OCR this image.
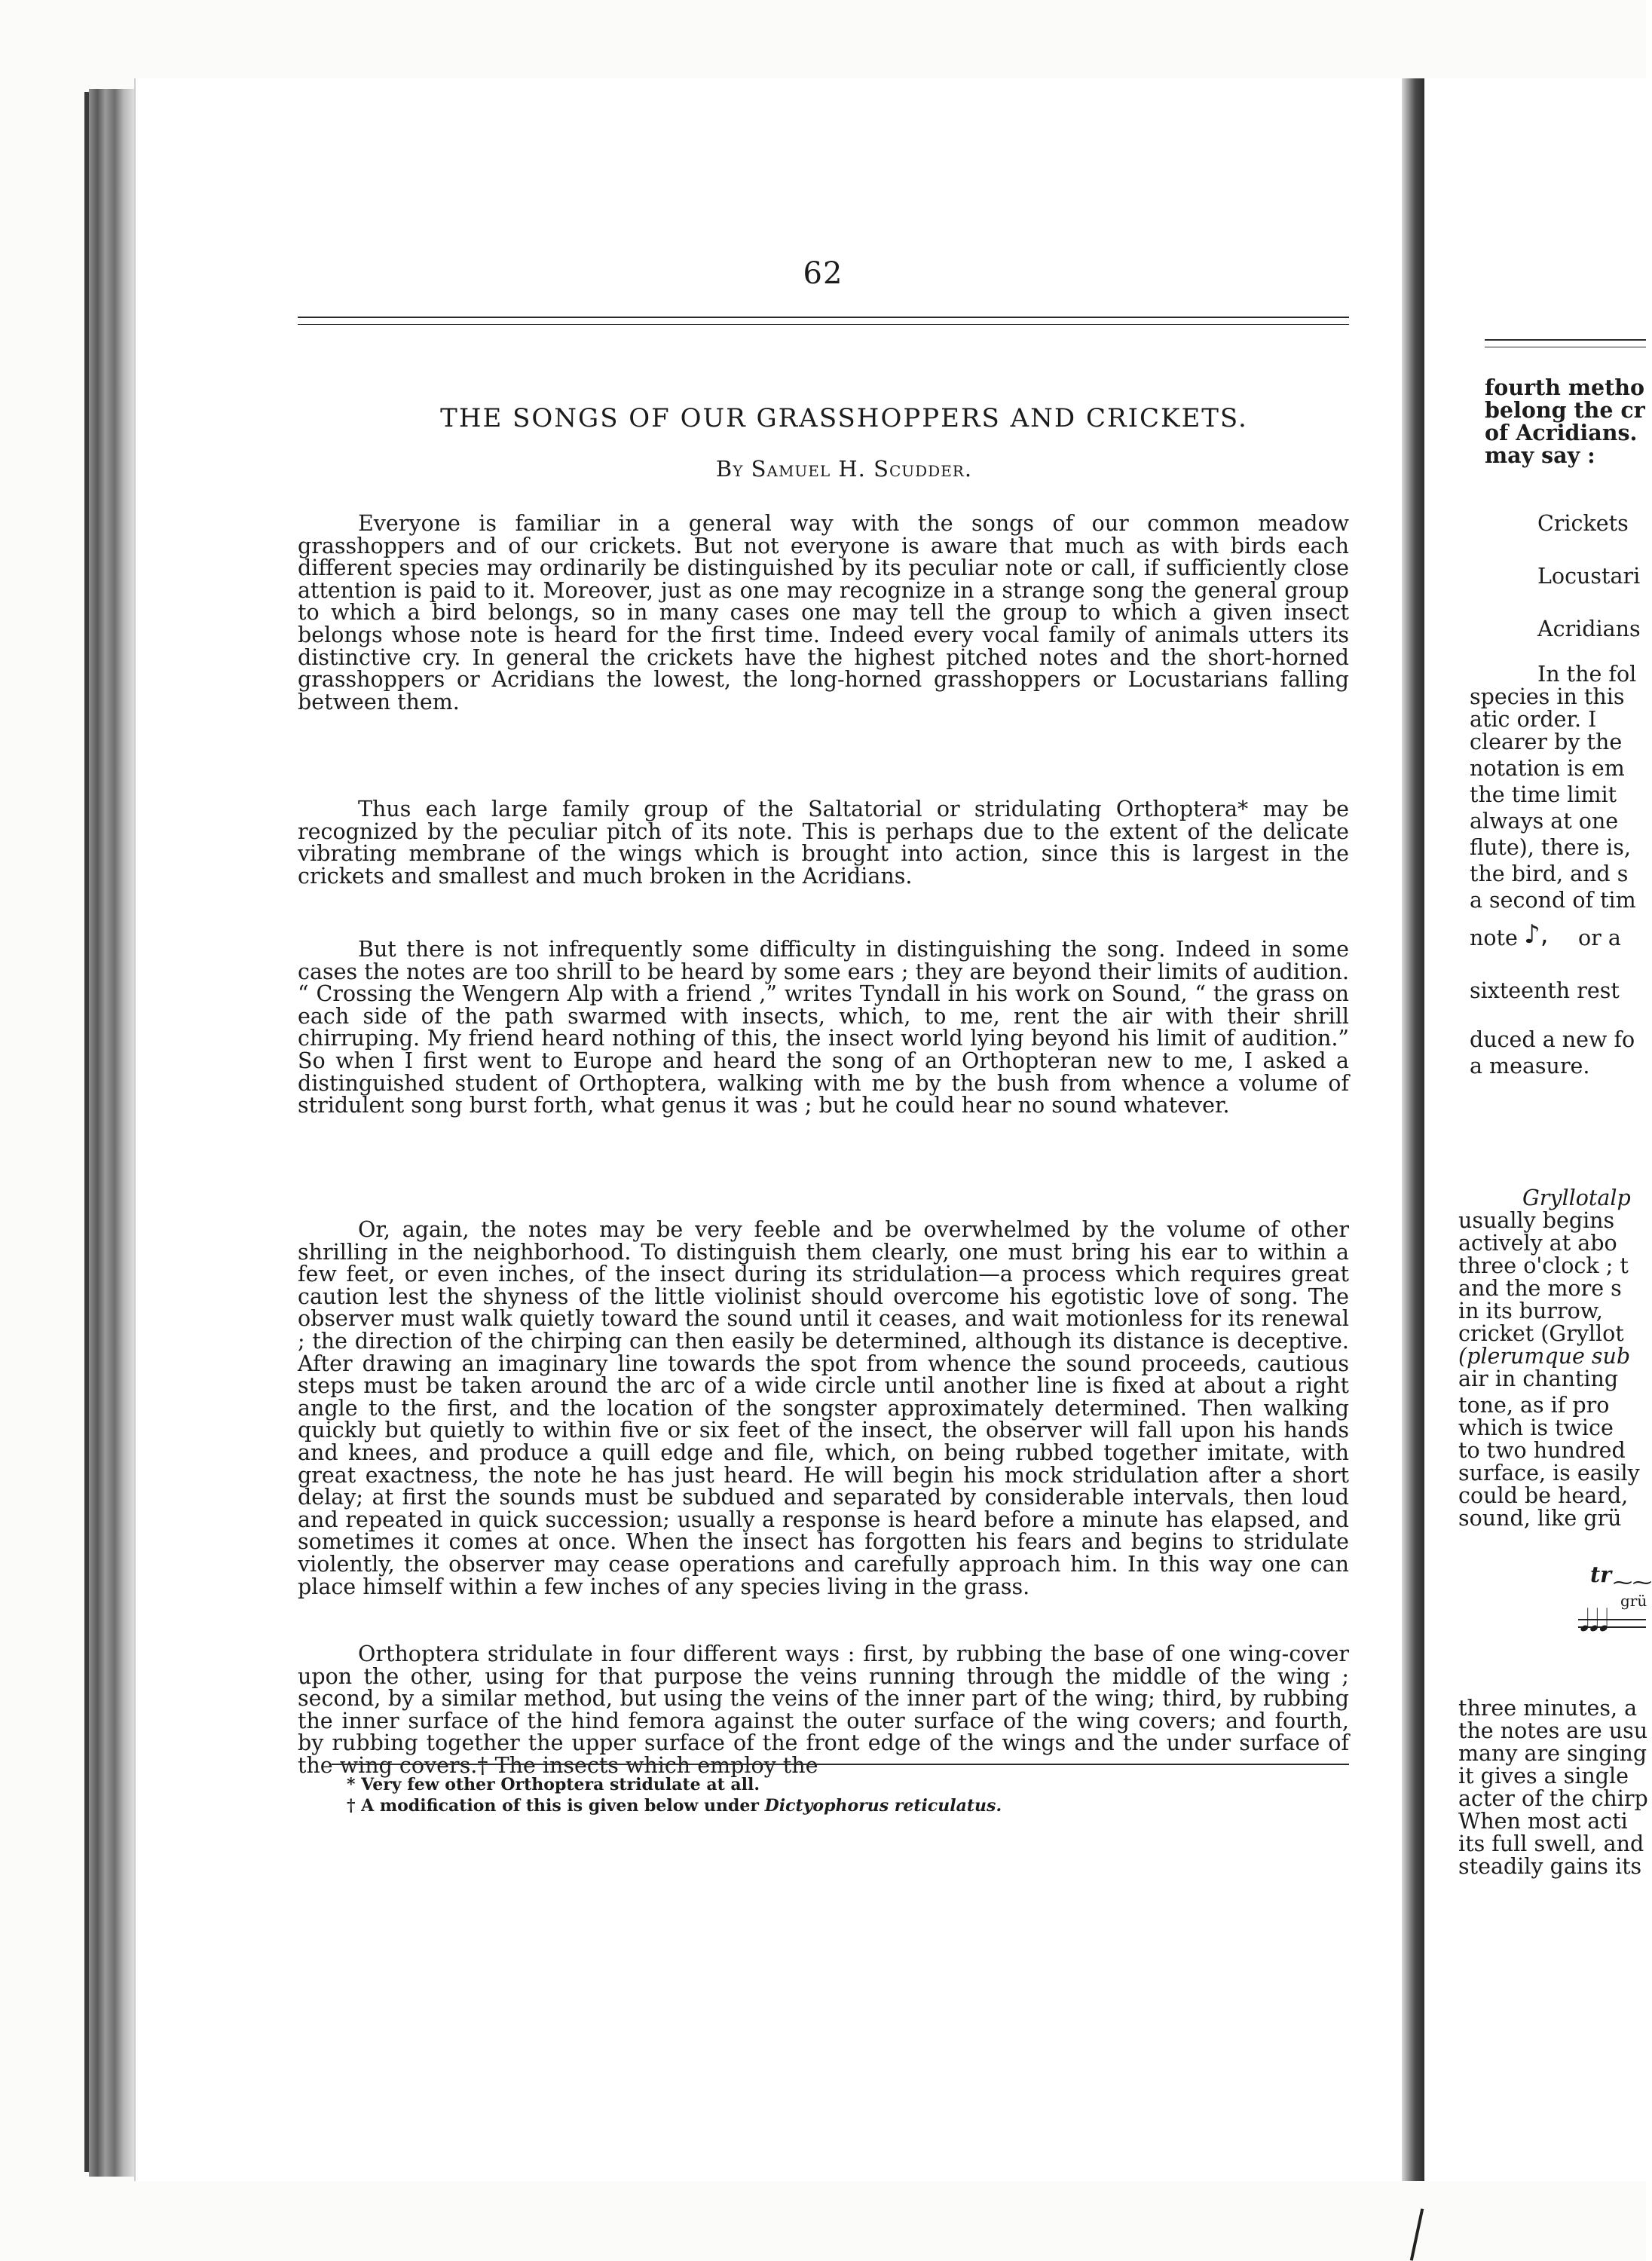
62
THE SONGS OF OUR GRASSHOPPERS AND CRICKETS.
By Samuel H. Scudder.

Everyone is familiar in a general way with the songs of our common meadow grasshoppers and of our crickets. But not everyone is aware that much as with birds each different species may ordinarily be distinguished by its peculiar note or call, if sufficiently close attention is paid to it. Moreover, just as one may recognize in a strange song the general group to which a bird belongs, so in many cases one may tell the group to which a given insect belongs whose note is heard for the first time. Indeed every vocal family of animals utters its distinctive cry. In general the crickets have the highest pitched notes and the short-horned grasshoppers or Acridians the lowest, the long-horned grasshoppers or Locustarians falling between them.

Thus each large family group of the Saltatorial or stridulating Orthoptera* may be recognized by the peculiar pitch of its note. This is perhaps due to the extent of the delicate vibrating membrane of the wings which is brought into action, since this is largest in the crickets and smallest and much broken in the Acridians.

But there is not infrequently some difficulty in distinguishing the song. Indeed in some cases the notes are too shrill to be heard by some ears ; they are beyond their limits of audition. “ Crossing the Wengern Alp with a friend ,” writes Tyndall in his work on Sound, “ the grass on each side of the path swarmed with insects, which, to me, rent the air with their shrill chirruping. My friend heard nothing of this, the insect world lying beyond his limit of audition.” So when I first went to Europe and heard the song of an Orthopteran new to me, I asked a distinguished student of Orthoptera, walking with me by the bush from whence a volume of stridulent song burst forth, what genus it was ; but he could hear no sound whatever.

Or, again, the notes may be very feeble and be overwhelmed by the volume of other shrilling in the neighborhood. To distinguish them clearly, one must bring his ear to within a few feet, or even inches, of the insect during its stridulation—a process which requires great caution lest the shyness of the little violinist should overcome his egotistic love of song. The observer must walk quietly toward the sound until it ceases, and wait motionless for its renewal ; the direction of the chirping can then easily be determined, although its distance is deceptive. After drawing an imaginary line towards the spot from whence the sound proceeds, cautious steps must be taken around the arc of a wide circle until another line is fixed at about a right angle to the first, and the location of the songster approximately determined. Then walking quickly but quietly to within five or six feet of the insect, the observer will fall upon his hands and knees, and produce a quill edge and file, which, on being rubbed together imitate, with great exactness, the note he has just heard. He will begin his mock stridulation after a short delay; at first the sounds must be subdued and separated by considerable intervals, then loud and repeated in quick succession; usually a response is heard before a minute has elapsed, and sometimes it comes at once. When the insect has forgotten his fears and begins to stridulate violently, the observer may cease operations and carefully approach him. In this way one can place himself within a few inches of any species living in the grass.

Orthoptera stridulate in four different ways : first, by rubbing the base of one wing-cover upon the other, using for that purpose the veins running through the middle of the wing ; second, by a similar method, but using the veins of the inner part of the wing; third, by rubbing the inner surface of the hind femora against the outer surface of the wing covers; and fourth, by rubbing together the upper surface of the front edge of the wings and the under surface of the wing covers.† The insects which employ the

* Very few other Orthoptera stridulate at all.
† A modification of this is given below under Dictyophorus reticulatus.
fourth metho
belong the cr
of Acridians.
may say :
Crickets
Locustari
Acridians
In the fol
species in this
atic order. I
clearer by the
notation is em
the time limit
always at one
flute), there is,
the bird, and s
a second of tim
note ♪, or a
sixteenth rest
duced a new fo
a measure.
Gryllotalp
usually begins
actively at abo
three o'clock ; t
and the more s
in its burrow,
cricket (Gryllot
(plerumque sub
air in chanting
tone, as if pro
which is twice
to two hundred
surface, is easily
could be heard,
sound, like grü
tr ⁓⁓
grü
𝅘𝅥𝅘𝅥𝅘𝅥
three minutes, a
the notes are usu
many are singing
it gives a single
acter of the chirp
When most acti
its full swell, and
steadily gains its
